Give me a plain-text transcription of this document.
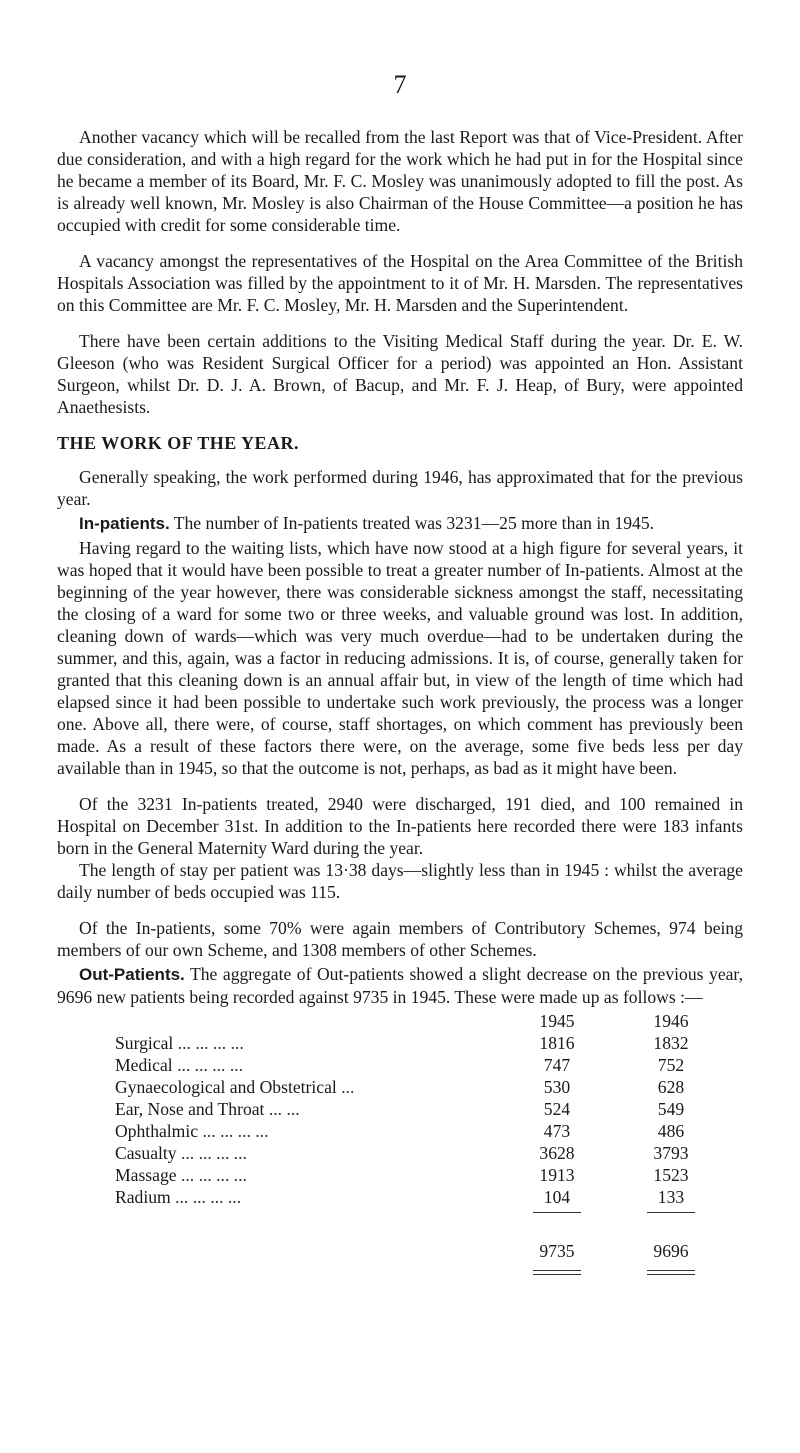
7

Another vacancy which will be recalled from the last Report was that of Vice-President. After due consideration, and with a high regard for the work which he had put in for the Hospital since he became a member of its Board, Mr. F. C. Mosley was unanimously adopted to fill the post. As is already well known, Mr. Mosley is also Chairman of the House Committee—a position he has occupied with credit for some considerable time.

A vacancy amongst the representatives of the Hospital on the Area Committee of the British Hospitals Association was filled by the appointment to it of Mr. H. Marsden. The representatives on this Committee are Mr. F. C. Mosley, Mr. H. Marsden and the Superintendent.

There have been certain additions to the Visiting Medical Staff during the year. Dr. E. W. Gleeson (who was Resident Surgical Officer for a period) was appointed an Hon. Assistant Surgeon, whilst Dr. D. J. A. Brown, of Bacup, and Mr. F. J. Heap, of Bury, were appointed Anaethesists.

THE WORK OF THE YEAR.

Generally speaking, the work performed during 1946, has approximated that for the previous year.

In-patients. The number of In-patients treated was 3231—25 more than in 1945.

Having regard to the waiting lists, which have now stood at a high figure for several years, it was hoped that it would have been possible to treat a greater number of In-patients. Almost at the beginning of the year however, there was considerable sickness amongst the staff, necessitating the closing of a ward for some two or three weeks, and valuable ground was lost. In addition, cleaning down of wards—which was very much overdue—had to be undertaken during the summer, and this, again, was a factor in reducing admissions. It is, of course, generally taken for granted that this cleaning down is an annual affair but, in view of the length of time which had elapsed since it had been possible to undertake such work previously, the process was a longer one. Above all, there were, of course, staff shortages, on which comment has previously been made. As a result of these factors there were, on the average, some five beds less per day available than in 1945, so that the outcome is not, perhaps, as bad as it might have been.

Of the 3231 In-patients treated, 2940 were discharged, 191 died, and 100 remained in Hospital on December 31st. In addition to the In-patients here recorded there were 183 infants born in the General Maternity Ward during the year.

The length of stay per patient was 13·38 days—slightly less than in 1945 : whilst the average daily number of beds occupied was 115.

Of the In-patients, some 70% were again members of Contributory Schemes, 974 being members of our own Scheme, and 1308 members of other Schemes.

Out-Patients. The aggregate of Out-patients showed a slight decrease on the previous year, 9696 new patients being recorded against 9735 in 1945. These were made up as follows :—

	1945		1946
Surgical ... ... ... ...	1816		1832
Medical ... ... ... ...	747		752
Gynaecological and Obstetrical ...	530		628
Ear, Nose and Throat ... ...	524		549
Ophthalmic ... ... ... ...	473		486
Casualty ... ... ... ...	3628		3793
Massage ... ... ... ...	1913		1523
Radium ... ... ... ...	104		133

	9735		9696
